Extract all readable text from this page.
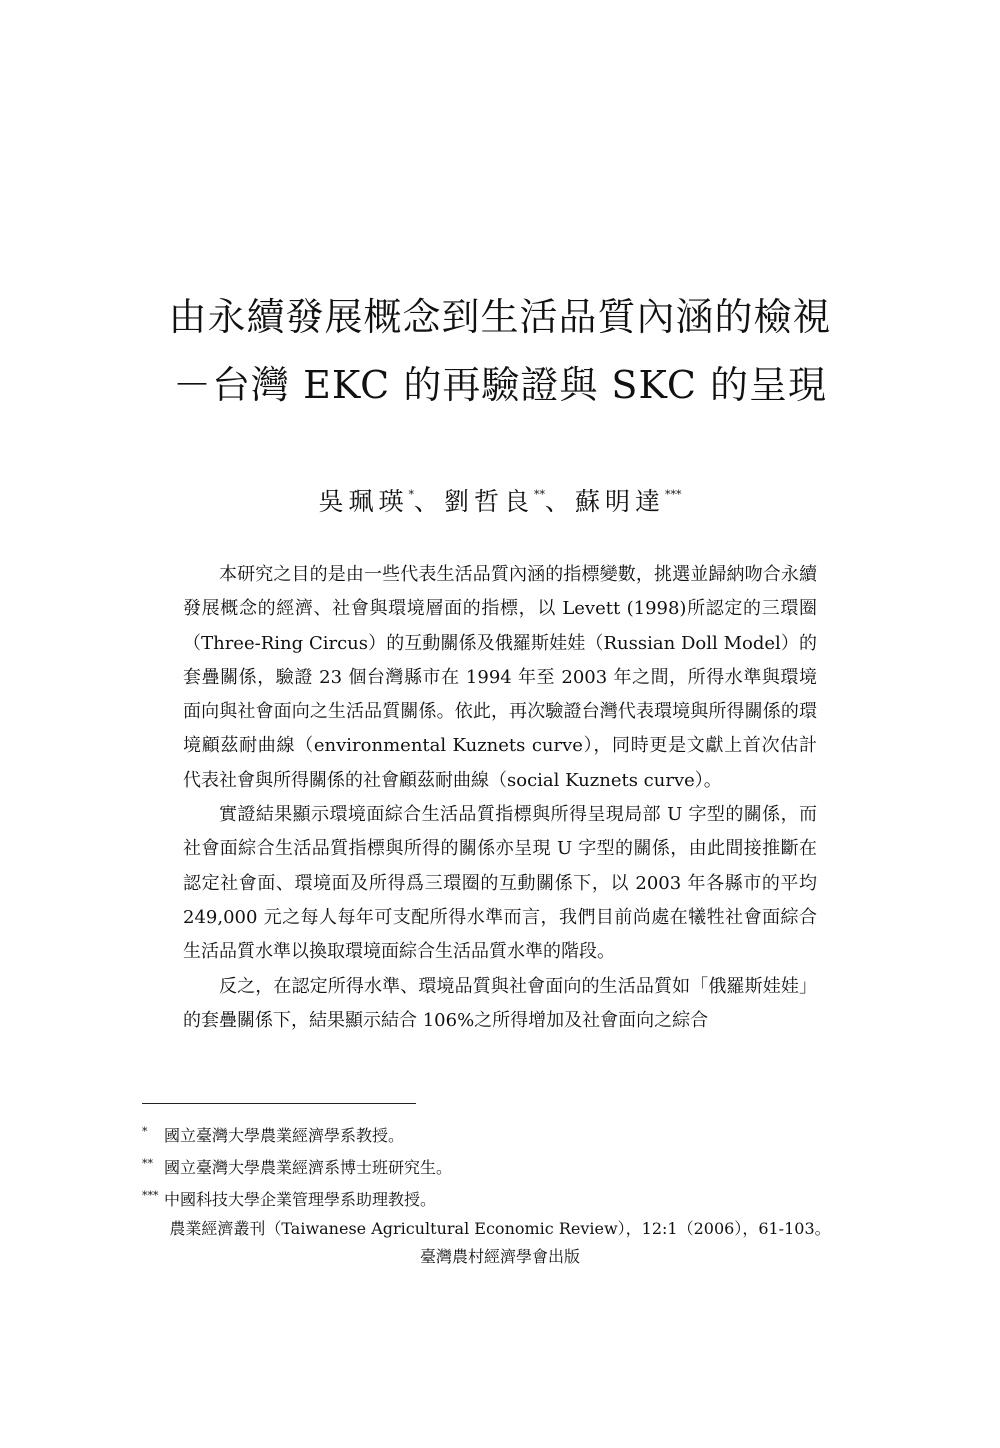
由永續發展概念到生活品質內涵的檢視
－台灣 EKC 的再驗證與 SKC 的呈現
吳珮瑛*、劉哲良**、蘇明達***

本研究之目的是由一些代表生活品質內涵的指標變數，挑選並歸納吻合永續發展概念的經濟、社會與環境層面的指標，以 Levett (1998)所認定的三環圈（Three-Ring Circus）的互動關係及俄羅斯娃娃（Russian Doll Model）的套疊關係，驗證 23 個台灣縣市在 1994 年至 2003 年之間，所得水準與環境面向與社會面向之生活品質關係。依此，再次驗證台灣代表環境與所得關係的環境顧茲耐曲線（environmental Kuznets curve），同時更是文獻上首次估計代表社會與所得關係的社會顧茲耐曲線（social Kuznets curve）。

實證結果顯示環境面綜合生活品質指標與所得呈現局部 U 字型的關係，而社會面綜合生活品質指標與所得的關係亦呈現 U 字型的關係，由此間接推斷在認定社會面、環境面及所得爲三環圈的互動關係下，以 2003 年各縣市的平均 249,000 元之每人每年可支配所得水準而言，我們目前尚處在犧牲社會面綜合生活品質水準以換取環境面綜合生活品質水準的階段。

反之，在認定所得水準、環境品質與社會面向的生活品質如「俄羅斯娃娃」的套疊關係下，結果顯示結合 106%之所得增加及社會面向之綜合

* 國立臺灣大學農業經濟學系教授。
** 國立臺灣大學農業經濟系博士班研究生。
*** 中國科技大學企業管理學系助理教授。
農業經濟叢刊（Taiwanese Agricultural Economic Review），12:1（2006），61-103。
臺灣農村經濟學會出版
